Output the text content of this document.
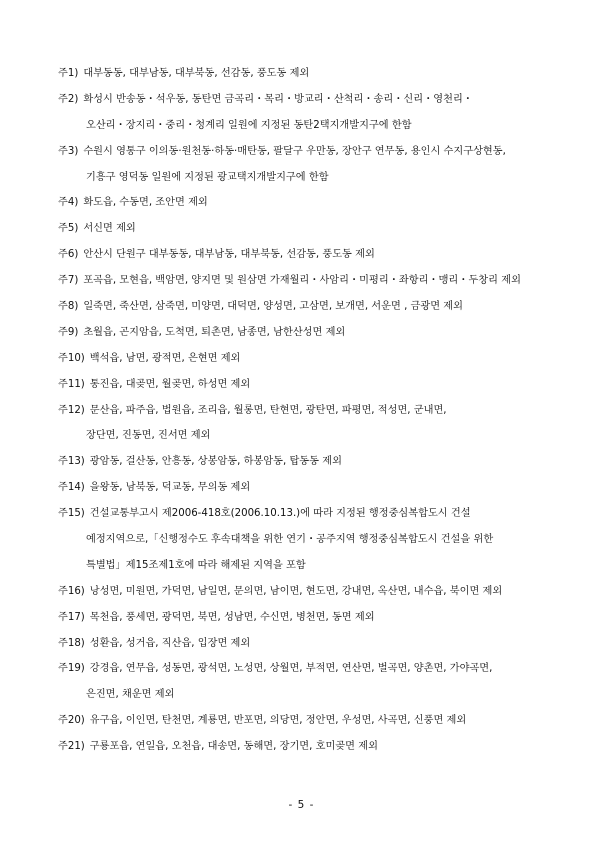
주1) 대부동동, 대부남동, 대부북동, 선감동, 풍도동 제외
주2) 화성시 반송동・석우동, 동탄면 금곡리・목리・방교리・산척리・송리・신리・영천리・
오산리・장지리・중리・청계리 일원에 지정된 동탄2택지개발지구에 한함
주3) 수원시 영통구 이의동·원천동·하동·매탄동, 팔달구 우만동, 장안구 연무동, 용인시 수지구상현동,
기흥구 영덕동 일원에 지정된 광교택지개발지구에 한함
주4) 화도읍, 수동면, 조안면 제외
주5) 서신면 제외
주6) 안산시 단원구 대부동동, 대부남동, 대부북동, 선감동, 풍도동 제외
주7) 포곡읍, 모현읍, 백암면, 양지면 및 원삼면 가재월리・사암리・미평리・좌항리・맹리・두창리 제외
주8) 일죽면, 죽산면, 삼죽면, 미양면, 대덕면, 양성면, 고삼면, 보개면, 서운면 , 금광면 제외
주9) 초월읍, 곤지암읍, 도척면, 퇴촌면, 남종면, 남한산성면 제외
주10) 백석읍, 남면, 광적면, 은현면 제외
주11) 통진읍, 대곶면, 월곶면, 하성면 제외
주12) 문산읍, 파주읍, 법원읍, 조리읍, 월롱면, 탄현면, 광탄면, 파평면, 적성면, 군내면,
장단면, 진동면, 진서면 제외
주13) 광암동, 걸산동, 안흥동, 상봉암동, 하봉암동, 탑동동 제외
주14) 을왕동, 남북동, 덕교동, 무의동 제외
주15) 건설교통부고시 제2006-418호(2006.10.13.)에 따라 지정된 행정중심복합도시 건설
예정지역으로,「신행정수도 후속대책을 위한 연기・공주지역 행정중심복합도시 건설을 위한
특별법」제15조제1호에 따라 해제된 지역을 포함
주16) 낭성면, 미원면, 가덕면, 남일면, 문의면, 남이면, 현도면, 강내면, 옥산면, 내수읍, 북이면 제외
주17) 목천읍, 풍세면, 광덕면, 북면, 성남면, 수신면, 병천면, 동면 제외
주18) 성환읍, 성거읍, 직산읍, 입장면 제외
주19) 강경읍, 연무읍, 성동면, 광석면, 노성면, 상월면, 부적면, 연산면, 벌곡면, 양촌면, 가야곡면,
은진면, 채운면 제외
주20) 유구읍, 이인면, 탄천면, 계룡면, 반포면, 의당면, 정안면, 우성면, 사곡면, 신풍면 제외
주21) 구룡포읍, 연일읍, 오천읍, 대송면, 동해면, 장기면, 호미곶면 제외
- 5 -
